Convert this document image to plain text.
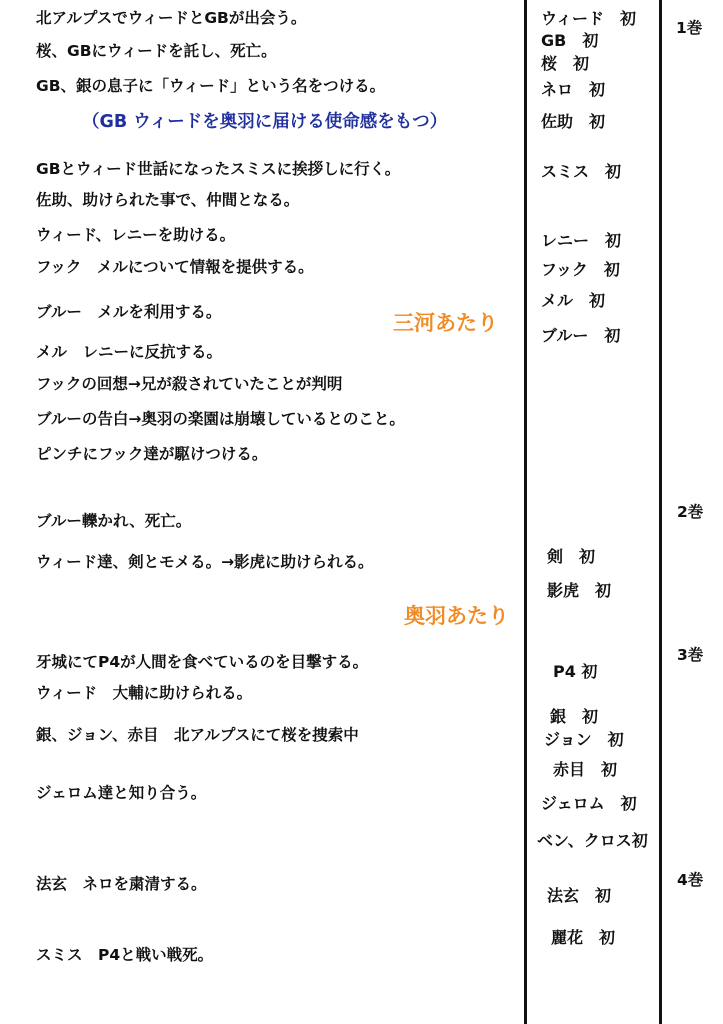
北アルプスでウィードとGBが出会う。
桜、GBにウィードを託し、死亡。
GB、銀の息子に「ウィード」という名をつける。
（GB ウィードを奥羽に届ける使命感をもつ）
GBとウィード世話になったスミスに挨拶しに行く。
佐助、助けられた事で、仲間となる。
ウィード、レニーを助ける。
フック　メルについて情報を提供する。
ブルー　メルを利用する。
メル　レニーに反抗する。
フックの回想→兄が殺されていたことが判明
ブルーの告白→奥羽の楽園は崩壊しているとのこと。
ピンチにフック達が駆けつける。
ブルー轢かれ、死亡。
ウィード達、剣とモメる。→影虎に助けられる。
牙城にてP4が人間を食べているのを目撃する。
ウィード　大輔に助けられる。
銀、ジョン、赤目　北アルプスにて桜を捜索中
ジェロム達と知り合う。
法玄　ネロを粛清する。
スミス　P4と戦い戦死。
三河あたり
奥羽あたり
ウィード　初
GB　初
桜　初
ネロ　初
佐助　初
スミス　初
レニー　初
フック　初
メル　初
ブルー　初
剣　初
影虎　初
P4 初
銀　初
ジョン　初
赤目　初
ジェロム　初
ベン、クロス初
法玄　初
麗花　初
1巻
2巻
3巻
4巻
